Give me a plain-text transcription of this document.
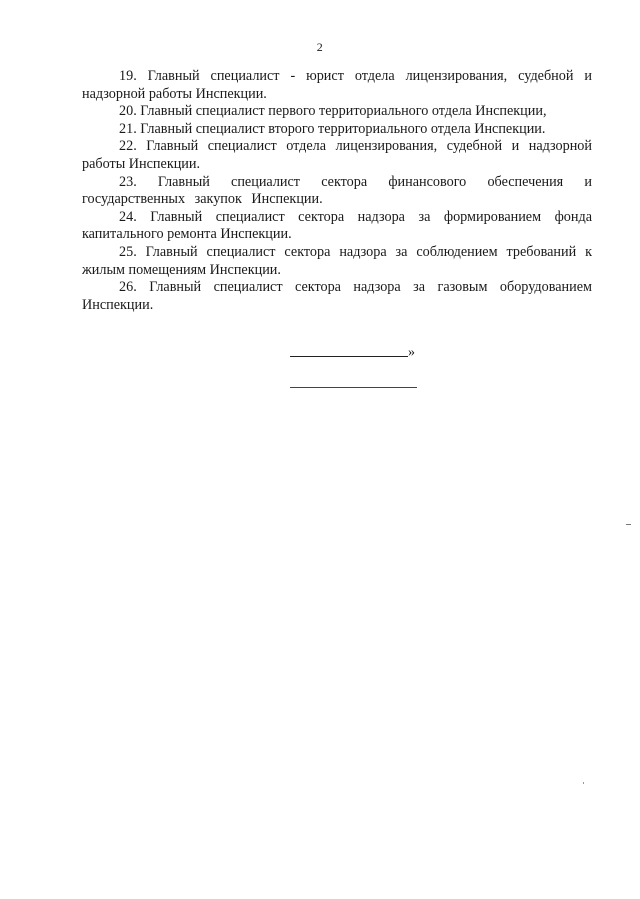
2

19. Главный специалист - юрист отдела лицензирования, судебной и надзорной работы Инспекции.

20. Главный специалист первого территориального отдела Инспекции,

21. Главный специалист второго территориального отдела Инспекции.

22. Главный специалист отдела лицензирования, судебной и надзорной работы Инспекции.

23. Главный специалист сектора финансового обеспечения и государственных закупок Инспекции.

24. Главный специалист сектора надзора за формированием фонда капитального ремонта Инспекции.

25. Главный специалист сектора надзора за соблюдением требований к жилым помещениям Инспекции.

26. Главный специалист сектора надзора за газовым оборудованием Инспекции.

»
